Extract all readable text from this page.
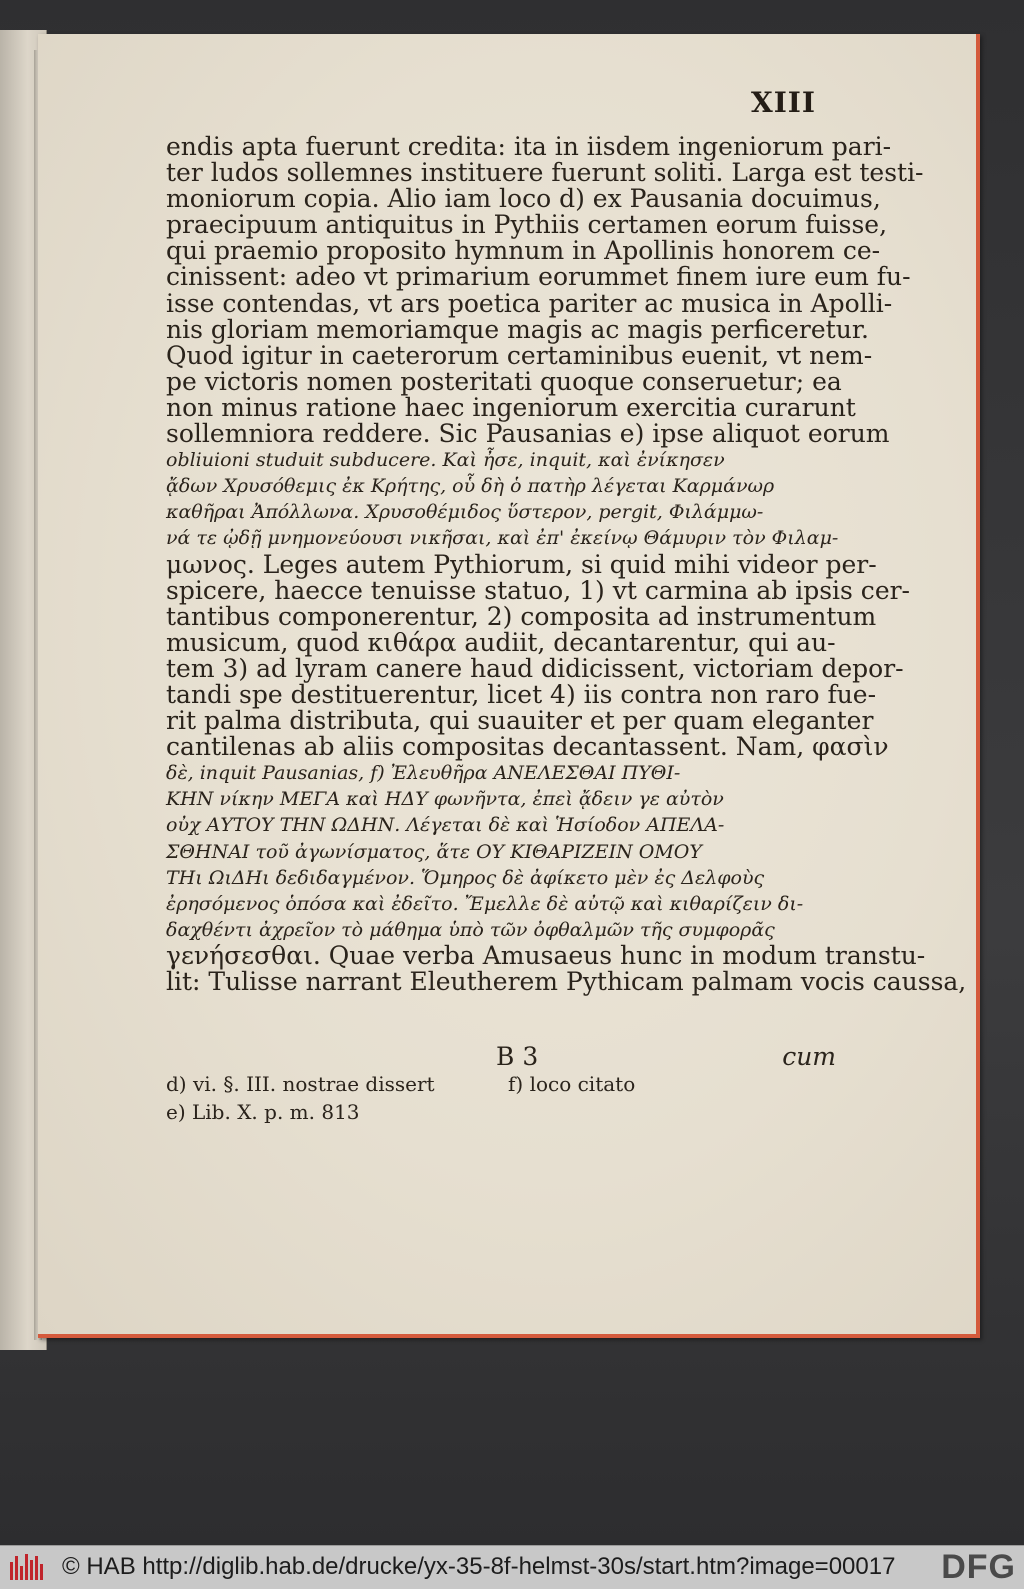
XIII
endis apta fuerunt credita: ita in iisdem ingeniorum pari-
ter ludos sollemnes instituere fuerunt soliti. Larga est testi-
moniorum copia. Alio iam loco d) ex Pausania docuimus,
praecipuum antiquitus in Pythiis certamen eorum fuisse,
qui praemio proposito hymnum in Apollinis honorem ce-
cinissent: adeo vt primarium eorummet finem iure eum fu-
isse contendas, vt ars poetica pariter ac musica in Apolli-
nis gloriam memoriamque magis ac magis perficeretur.
Quod igitur in caeterorum certaminibus euenit, vt nem-
pe victoris nomen posteritati quoque conseruetur; ea
non minus ratione haec ingeniorum exercitia curarunt
sollemniora reddere. Sic Pausanias e) ipse aliquot eorum
obliuioni studuit subducere. Καὶ ἦσε, inquit, καὶ ἐνίκησεν
ᾄδων Χρυσόθεμις ἐκ Κρήτης, οὗ δὴ ὁ πατὴρ λέγεται Καρμάνωρ
καθῆραι Ἀπόλλωνα. Χρυσοθέμιδος ὕστερον, pergit, Φιλάμμω-
νά τε ᾠδῇ μνημονεύουσι νικῆσαι, καὶ ἐπ' ἐκείνῳ Θάμυριν τὸν Φιλαμ-
μωνος. Leges autem Pythiorum, si quid mihi videor per-
spicere, haecce tenuisse statuo, 1) vt carmina ab ipsis cer-
tantibus componerentur, 2) composita ad instrumentum
musicum, quod κιθάρα audiit, decantarentur, qui au-
tem 3) ad lyram canere haud didicissent, victoriam depor-
tandi spe destituerentur, licet 4) iis contra non raro fue-
rit palma distributa, qui suauiter et per quam eleganter
cantilenas ab aliis compositas decantassent. Nam, φασὶν
δὲ, inquit Pausanias, f) Ἐλευθῆρα ΑΝΕΛΕΣΘΑΙ ΠΥΘΙ-
ΚΗΝ νίκην ΜΕΓΑ καὶ ΗΔΥ φωνῆντα, ἐπεὶ ᾄδειν γε αὐτὸν
οὐχ ΑΥΤΟΥ ΤΗΝ ΩΔΗΝ. Λέγεται δὲ καὶ Ἡσίοδον ΑΠΕΛΑ-
ΣΘΗΝΑΙ τοῦ ἀγωνίσματος, ἅτε ΟΥ ΚΙΘΑΡΙΖΕΙΝ ΟΜΟΥ
ΤΗι ΩιΔΗι δεδιδαγμένον. Ὅμηρος δὲ ἀφίκετο μὲν ἐς Δελφοὺς
ἐρησόμενος ὁπόσα καὶ ἐδεῖτο. Ἔμελλε δὲ αὐτῷ καὶ κιθαρίζειν δι-
δαχθέντι ἀχρεῖον τὸ μάθημα ὑπὸ τῶν ὀφθαλμῶν τῆς συμφορᾶς
γενήσεσθαι. Quae verba Amusaeus hunc in modum transtu-
lit: Tulisse narrant Eleutherem Pythicam palmam vocis caussa,
B 3	cum
d) vi. §. III. nostrae dissert
e) Lib. X. p. m. 813
f) loco citato
© HAB http://diglib.hab.de/drucke/yx-35-8f-helmst-30s/start.htm?image=00017 DFG
